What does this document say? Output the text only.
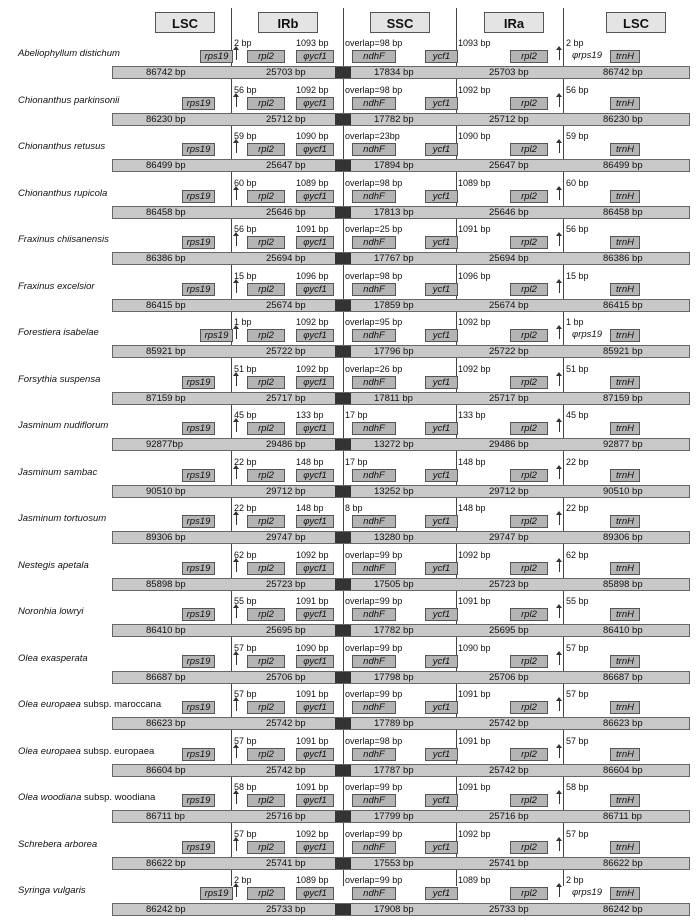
LSC	IRb	SSC	IRa	LSC
Abeliophyllum distichum
2 bp	1093 bp overlap=98 bp	1093 bp	2 bp
rps19	rpl2	φycf1	ndhF	ycf1	rpl2	φrps19	trnH
86742 bp	25703 bp	17834 bp	25703 bp	86742 bp
Chionanthus parkinsonii
56 bp	1092 bp overlap=98 bp	1092 bp	56 bp
rps19	rpl2	φycf1	ndhF	ycf1	rpl2	trnH
86230 bp	25712 bp	17782 bp	25712 bp	86230 bp
Chionanthus retusus
59 bp	1090 bp overlap=23bp	1090 bp	59 bp
rps19	rpl2	φycf1	ndhF	ycf1	rpl2	trnH
86499 bp	25647 bp	17894 bp	25647 bp	86499 bp
Chionanthus rupicola
60 bp	1089 bp overlap=98 bp	1089 bp	60 bp
rps19	rpl2	φycf1	ndhF	ycf1	rpl2	trnH
86458 bp	25646 bp	17813 bp	25646 bp	86458 bp
Fraxinus chiisanensis
56 bp	1091 bp overlap=25 bp	1091 bp	56 bp
rps19	rpl2	φycf1	ndhF	ycf1	rpl2	trnH
86386 bp	25694 bp	17767 bp	25694 bp	86386 bp
Fraxinus excelsior
15 bp	1096 bp overlap=98 bp	1096 bp	15 bp
rps19	rpl2	φycf1	ndhF	ycf1	rpl2	trnH
86415 bp	25674 bp	17859 bp	25674 bp	86415 bp
Forestiera isabelae
1 bp	1092 bp overlap=95 bp	1092 bp	1 bp
rps19	rpl2	φycf1	ndhF	ycf1	rpl2	φrps19	trnH
85921 bp	25722 bp	17796 bp	25722 bp	85921 bp
Forsythia suspensa
51 bp	1092 bp overlap=26 bp	1092 bp	51 bp
rps19	rpl2	φycf1	ndhF	ycf1	rpl2	trnH
87159 bp	25717 bp	17811 bp	25717 bp	87159 bp
Jasminum nudiflorum
45 bp	133 bp 17 bp	133 bp	45 bp
rps19	rpl2	φycf1	ndhF	ycf1	rpl2	trnH
92877bp	29486 bp	13272 bp	29486 bp	92877 bp
Jasminum sambac
22 bp	148 bp 17 bp	148 bp	22 bp
rps19	rpl2	φycf1	ndhF	ycf1	rpl2	trnH
90510 bp	29712 bp	13252 bp	29712 bp	90510 bp
Jasminum tortuosum
22 bp	148 bp 8 bp	148 bp	22 bp
rps19	rpl2	φycf1	ndhF	ycf1	rpl2	trnH
89306 bp	29747 bp	13280 bp	29747 bp	89306 bp
Nestegis apetala
62 bp	1092 bp overlap=99 bp	1092 bp	62 bp
rps19	rpl2	φycf1	ndhF	ycf1	rpl2	trnH
85898 bp	25723 bp	17505 bp	25723 bp	85898 bp
Noronhia lowryi
55 bp	1091 bp overlap=99 bp	1091 bp	55 bp
rps19	rpl2	φycf1	ndhF	ycf1	rpl2	trnH
86410 bp	25695 bp	17782 bp	25695 bp	86410 bp
Olea exasperata
57 bp	1090 bp overlap=99 bp	1090 bp	57 bp
rps19	rpl2	φycf1	ndhF	ycf1	rpl2	trnH
86687 bp	25706 bp	17798 bp	25706 bp	86687 bp
Olea europaea subsp. maroccana
57 bp	1091 bp overlap=99 bp	1091 bp	57 bp
rps19	rpl2	φycf1	ndhF	ycf1	rpl2	trnH
86623 bp	25742 bp	17789 bp	25742 bp	86623 bp
Olea europaea subsp. europaea
57 bp	1091 bp overlap=98 bp	1091 bp	57 bp
rps19	rpl2	φycf1	ndhF	ycf1	rpl2	trnH
86604 bp	25742 bp	17787 bp	25742 bp	86604 bp
Olea woodiana subsp. woodiana
58 bp	1091 bp overlap=99 bp	1091 bp	58 bp
rps19	rpl2	φycf1	ndhF	ycf1	rpl2	trnH
86711 bp	25716 bp	17799 bp	25716 bp	86711 bp
Schrebera arborea
57 bp	1092 bp overlap=99 bp	1092 bp	57 bp
rps19	rpl2	φycf1	ndhF	ycf1	rpl2	trnH
86622 bp	25741 bp	17553 bp	25741 bp	86622 bp
Syringa vulgaris
2 bp	1089 bp overlap=99 bp	1089 bp	2 bp
rps19	rpl2	φycf1	ndhF	ycf1	rpl2	φrps19	trnH
86242 bp	25733 bp	17908 bp	25733 bp	86242 bp
